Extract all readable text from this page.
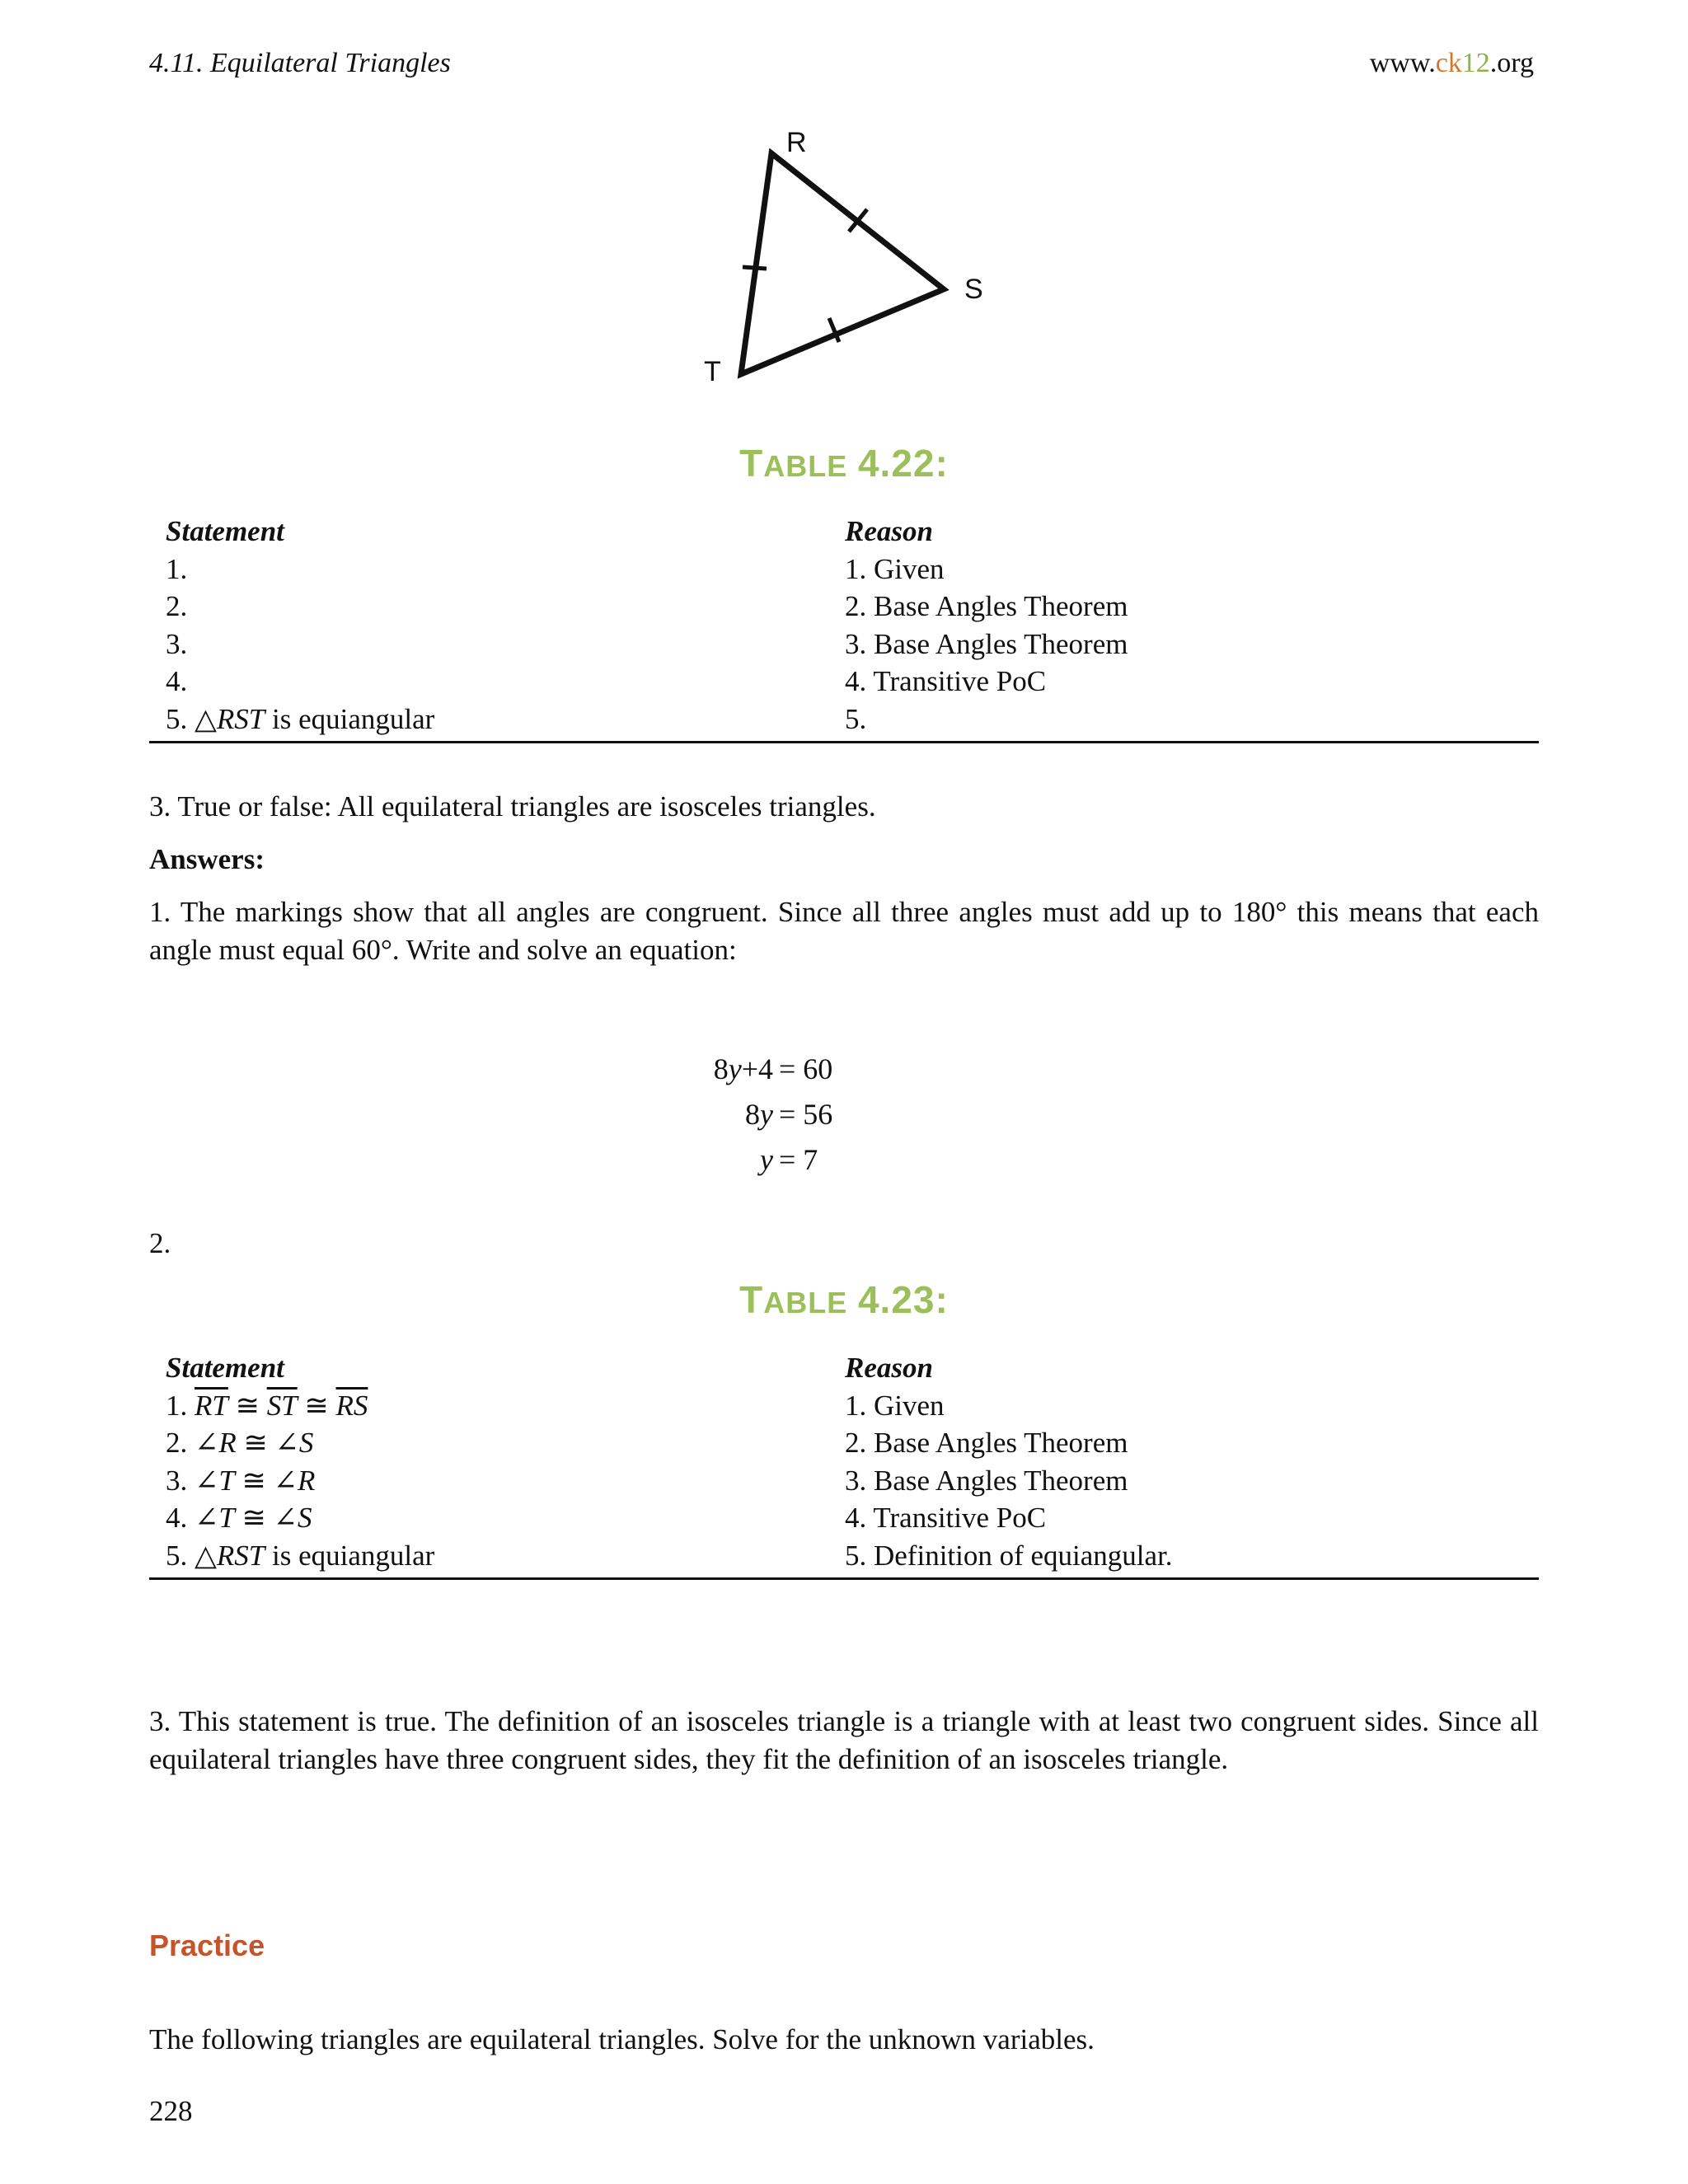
4.11. Equilateral Triangles	www.ck12.org
R
S
T
TABLE 4.22:
Statement	Reason
1.	1. Given
2.	2. Base Angles Theorem
3.	3. Base Angles Theorem
4.	4. Transitive PoC
5. △RST is equiangular	5.
3. True or false: All equilateral triangles are isosceles triangles.
Answers:
1. The markings show that all angles are congruent. Since all three angles must add up to 180° this means that each angle must equal 60°. Write and solve an equation:
8y+4 = 60
8y = 56
y = 7
2.
TABLE 4.23:
Statement	Reason
1. $\overline{RT}$ ≅ $\overline{ST}$ ≅ $\overline{RS}$	1. Given
2. ∠R ≅ ∠S	2. Base Angles Theorem
3. ∠T ≅ ∠R	3. Base Angles Theorem
4. ∠T ≅ ∠S	4. Transitive PoC
5. △RST is equiangular	5. Definition of equiangular.
3. This statement is true. The definition of an isosceles triangle is a triangle with at least two congruent sides. Since all equilateral triangles have three congruent sides, they fit the definition of an isosceles triangle.
Practice
The following triangles are equilateral triangles. Solve for the unknown variables.
228
